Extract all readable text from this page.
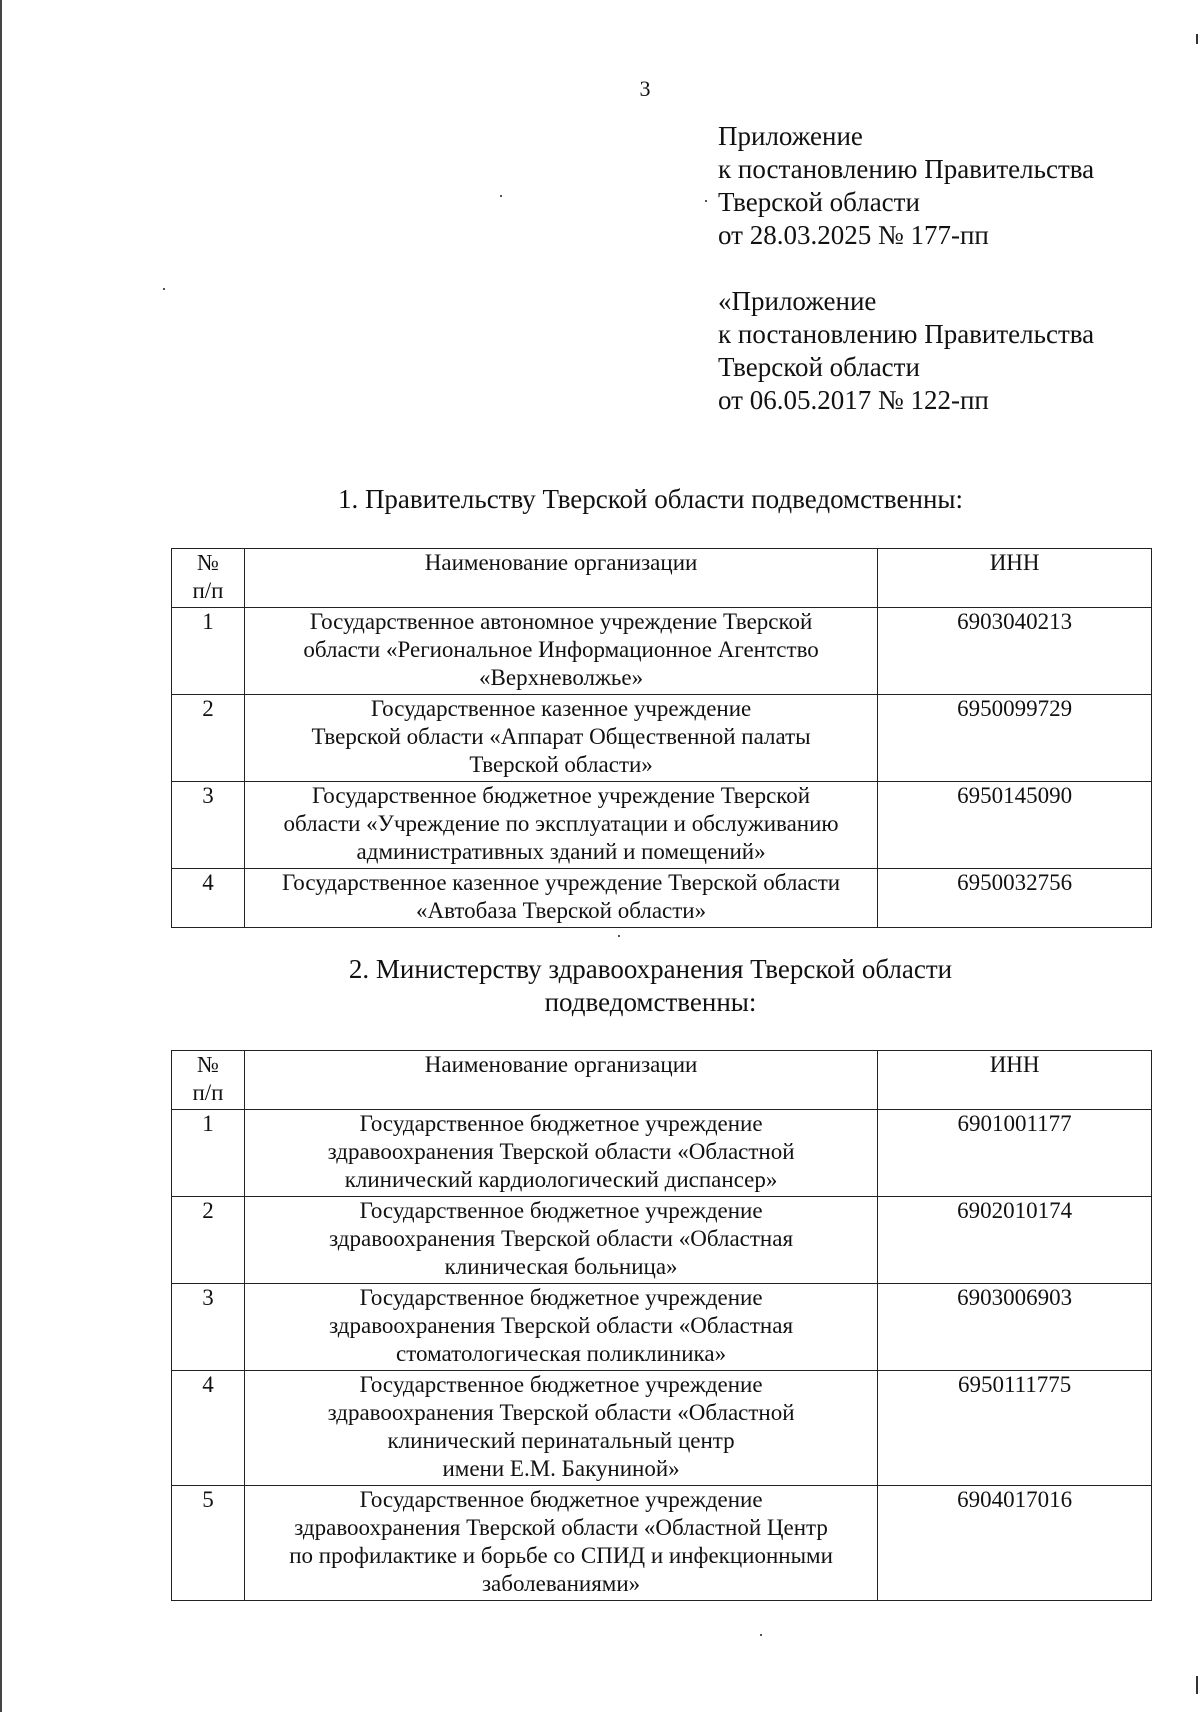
3
Приложение
к постановлению Правительства
Тверской области
от 28.03.2025 № 177-пп
«Приложение
к постановлению Правительства
Тверской области
от 06.05.2017 № 122-пп
1. Правительству Тверской области подведомственны:
№
п/п	Наименование организации	ИНН
1	Государственное автономное учреждение Тверской
области «Региональное Информационное Агентство
«Верхневолжье»	6903040213
2	Государственное казенное учреждение
Тверской области «Аппарат Общественной палаты
Тверской области»	6950099729
3	Государственное бюджетное учреждение Тверской
области «Учреждение по эксплуатации и обслуживанию
административных зданий и помещений»	6950145090
4	Государственное казенное учреждение Тверской области
«Автобаза Тверской области»	6950032756
2. Министерству здравоохранения Тверской области
подведомственны:
№
п/п	Наименование организации	ИНН
1	Государственное бюджетное учреждение
здравоохранения Тверской области «Областной
клинический кардиологический диспансер»	6901001177
2	Государственное бюджетное учреждение
здравоохранения Тверской области «Областная
клиническая больница»	6902010174
3	Государственное бюджетное учреждение
здравоохранения Тверской области «Областная
стоматологическая поликлиника»	6903006903
4	Государственное бюджетное учреждение
здравоохранения Тверской области «Областной
клинический перинатальный центр
имени Е.М. Бакуниной»	6950111775
5	Государственное бюджетное учреждение
здравоохранения Тверской области «Областной Центр
по профилактике и борьбе со СПИД и инфекционными
заболеваниями»	6904017016
